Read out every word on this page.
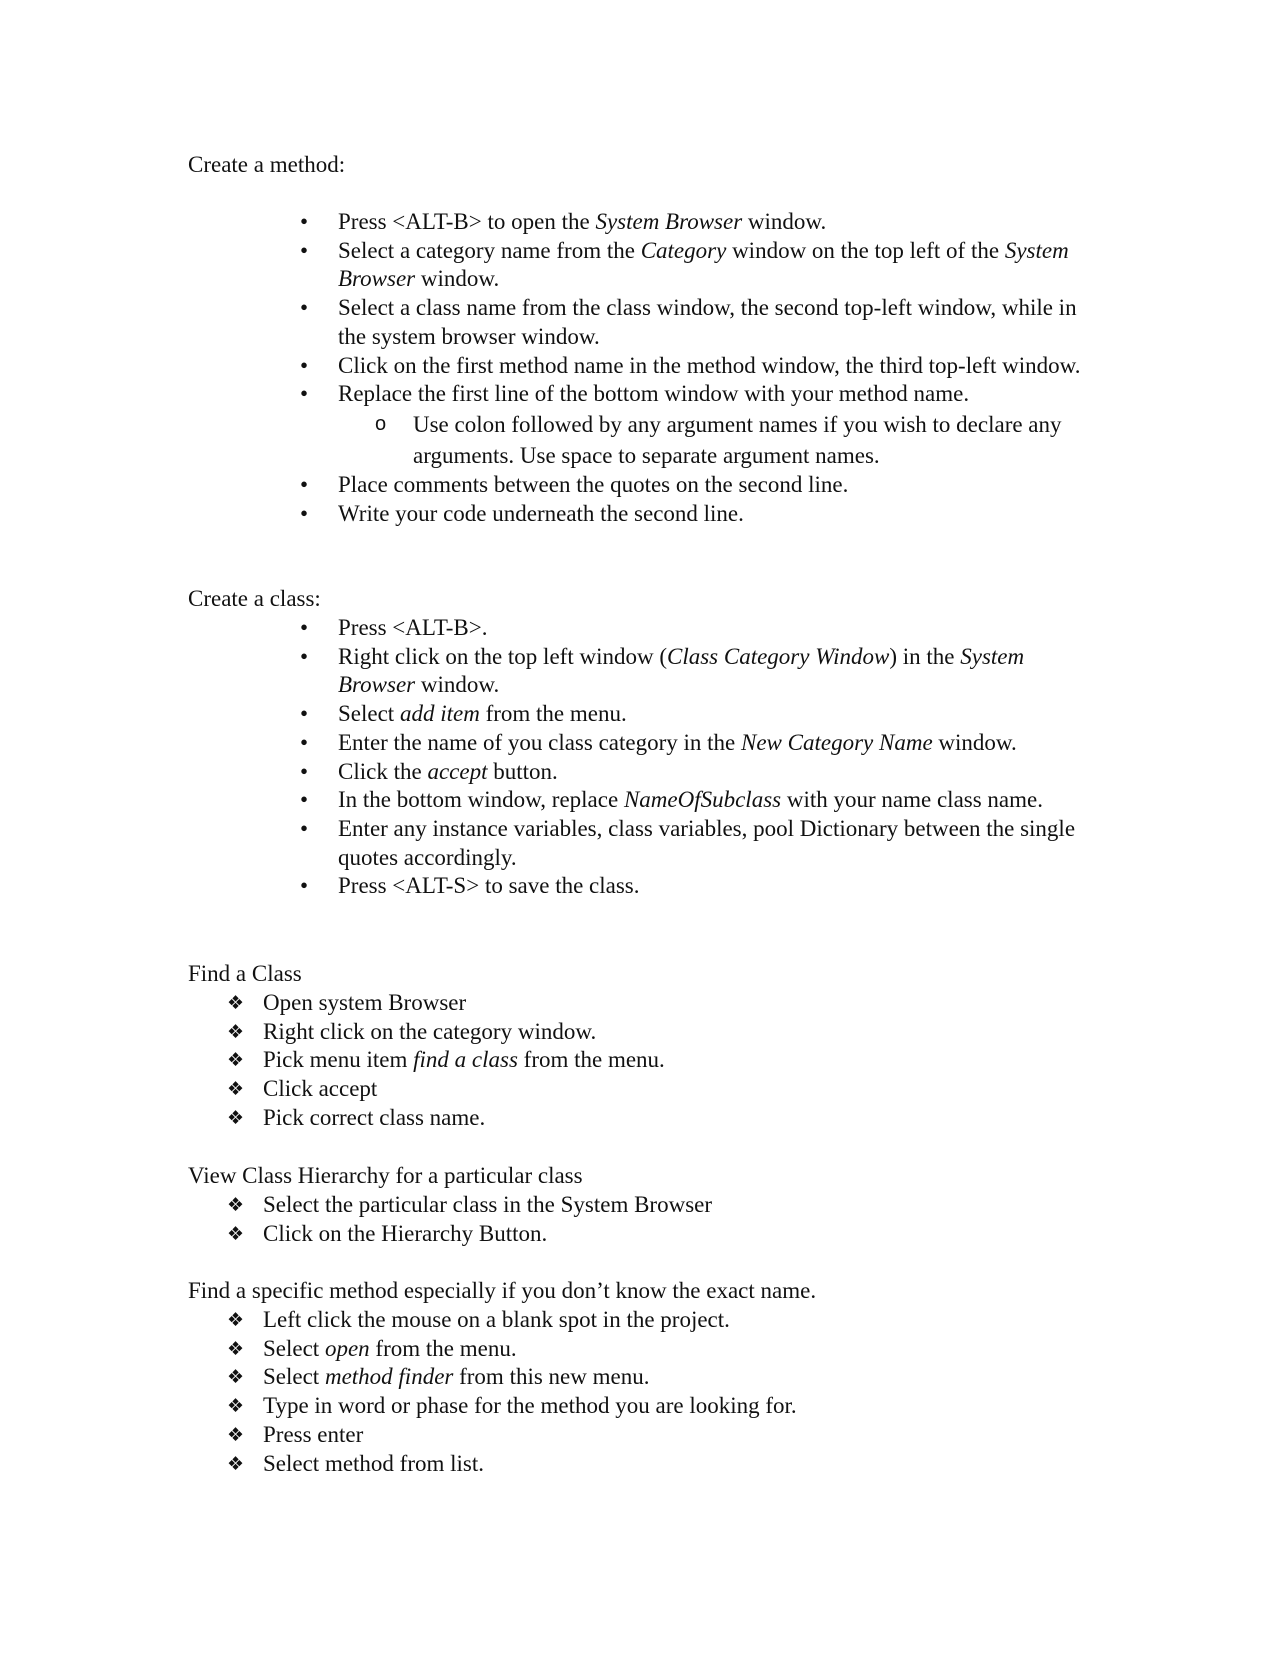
Create a method:
• Press <ALT-B> to open the System Browser window.
• Select a category name from the Category window on the top left of the System Browser window.
• Select a class name from the class window, the second top-left window, while in the system browser window.
• Click on the first method name in the method window, the third top-left window.
• Replace the first line of the bottom window with your method name.
o Use colon followed by any argument names if you wish to declare any arguments. Use space to separate argument names.
• Place comments between the quotes on the second line.
• Write your code underneath the second line.
Create a class:
• Press <ALT-B>.
• Right click on the top left window (Class Category Window) in the System Browser window.
• Select add item from the menu.
• Enter the name of you class category in the New Category Name window.
• Click the accept button.
• In the bottom window, replace NameOfSubclass with your name class name.
• Enter any instance variables, class variables, pool Dictionary between the single quotes accordingly.
• Press <ALT-S> to save the class.
Find a Class
❖ Open system Browser
❖ Right click on the category window.
❖ Pick menu item find a class from the menu.
❖ Click accept
❖ Pick correct class name.
View Class Hierarchy for a particular class
❖ Select the particular class in the System Browser
❖ Click on the Hierarchy Button.
Find a specific method especially if you don’t know the exact name.
❖ Left click the mouse on a blank spot in the project.
❖ Select open from the menu.
❖ Select method finder from this new menu.
❖ Type in word or phase for the method you are looking for.
❖ Press enter
❖ Select method from list.
